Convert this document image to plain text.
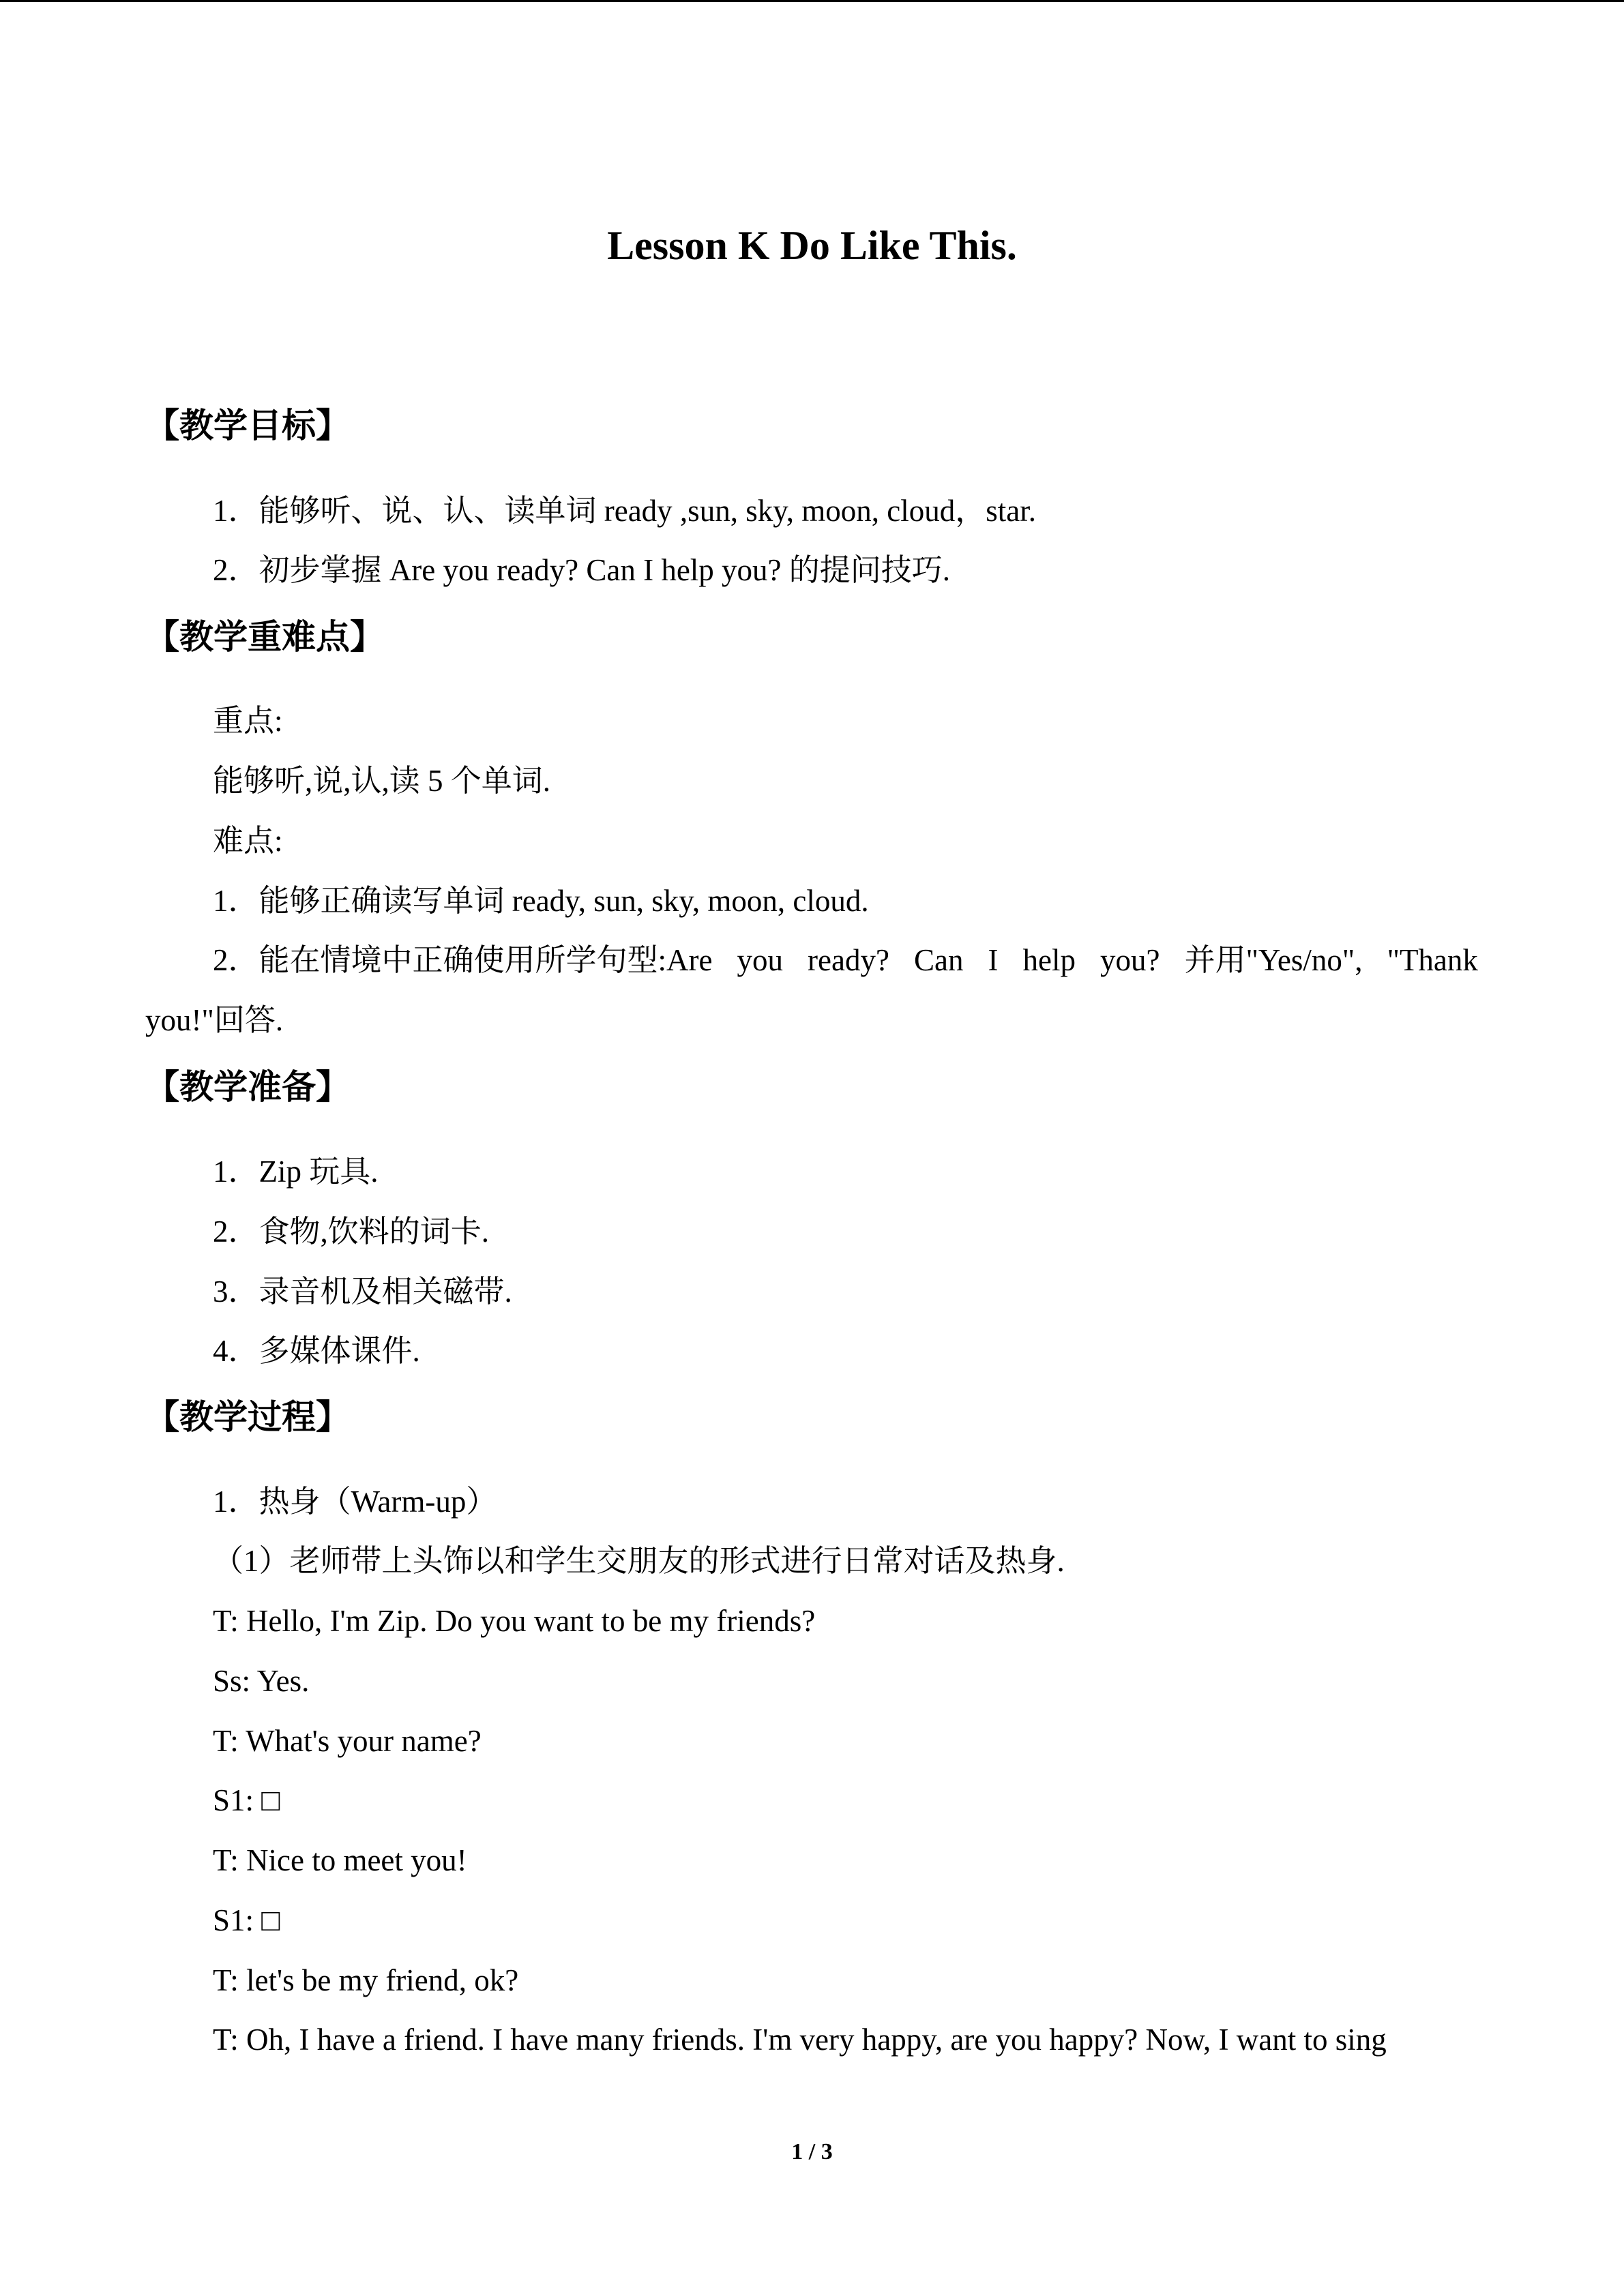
Lesson K Do Like This.
【教学目标】
1．能够听、说、认、读单词 ready ,sun, sky, moon, cloud，star.
2．初步掌握 Are you ready? Can I help you? 的提问技巧.
【教学重难点】
重点:
能够听,说,认,读 5 个单词.
难点:
1．能够正确读写单词 ready, sun, sky, moon, cloud.
2．能在情境中正确使用所学句型:Are you ready? Can I help you? 并用"Yes/no", "Thank
you!"回答.
【教学准备】
1．Zip 玩具.
2．食物,饮料的词卡.
3．录音机及相关磁带.
4．多媒体课件.
【教学过程】
1．热身（Warm-up）
（1）老师带上头饰以和学生交朋友的形式进行日常对话及热身.
T: Hello, I'm Zip. Do you want to be my friends?
Ss: Yes.
T: What's your name?
S1: □
T: Nice to meet you!
S1: □
T: let's be my friend, ok?
T: Oh, I have a friend. I have many friends. I'm very happy, are you happy? Now, I want to sing
1 / 3
